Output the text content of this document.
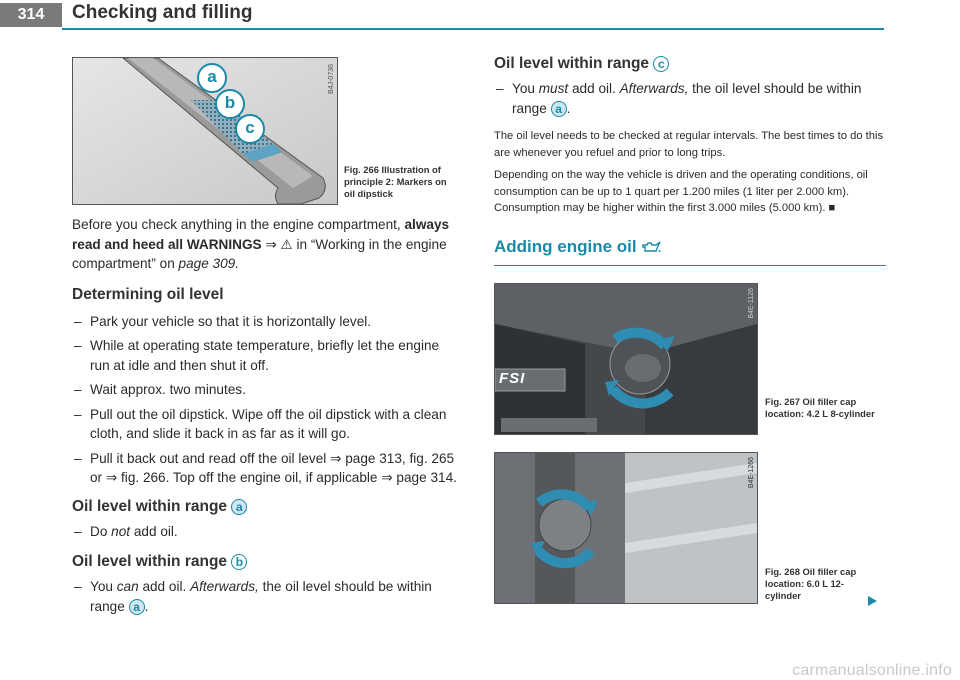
314	Checking and filling
a
b
c
B4J-0736
Fig. 266 Illustration of principle 2: Markers on oil dipstick

Before you check anything in the engine compartment, always read and heed all WARNINGS ⇒ ⚠ in “Working in the engine compartment” on page 309.

Determining oil level

– Park your vehicle so that it is horizontally level.

– While at operating state temperature, briefly let the engine run at idle and then shut it off.

– Wait approx. two minutes.

– Pull out the oil dipstick. Wipe off the oil dipstick with a clean cloth, and slide it back in as far as it will go.

– Pull it back out and read off the oil level ⇒ page 313, fig. 265 or ⇒ fig. 266. Top off the engine oil, if applicable ⇒ page 314.

Oil level within range a

– Do not add oil.

Oil level within range b

– You can add oil. Afterwards, the oil level should be within range a .

Oil level within range c

– You must add oil. Afterwards, the oil level should be within range a .

The oil level needs to be checked at regular intervals. The best times to do this are whenever you refuel and prior to long trips.

Depending on the way the vehicle is driven and the operating conditions, oil consumption can be up to 1 quart per 1.200 miles (1 liter per 2.000 km). Consumption may be higher within the first 3.000 miles (5.000 km). ■

Adding engine oil

FSI
B4E-1126
Fig. 267 Oil filler cap location: 4.2 L 8-cylinder
B4E-1266
Fig. 268 Oil filler cap location: 6.0 L 12-cylinder
carmanualsonline.info
